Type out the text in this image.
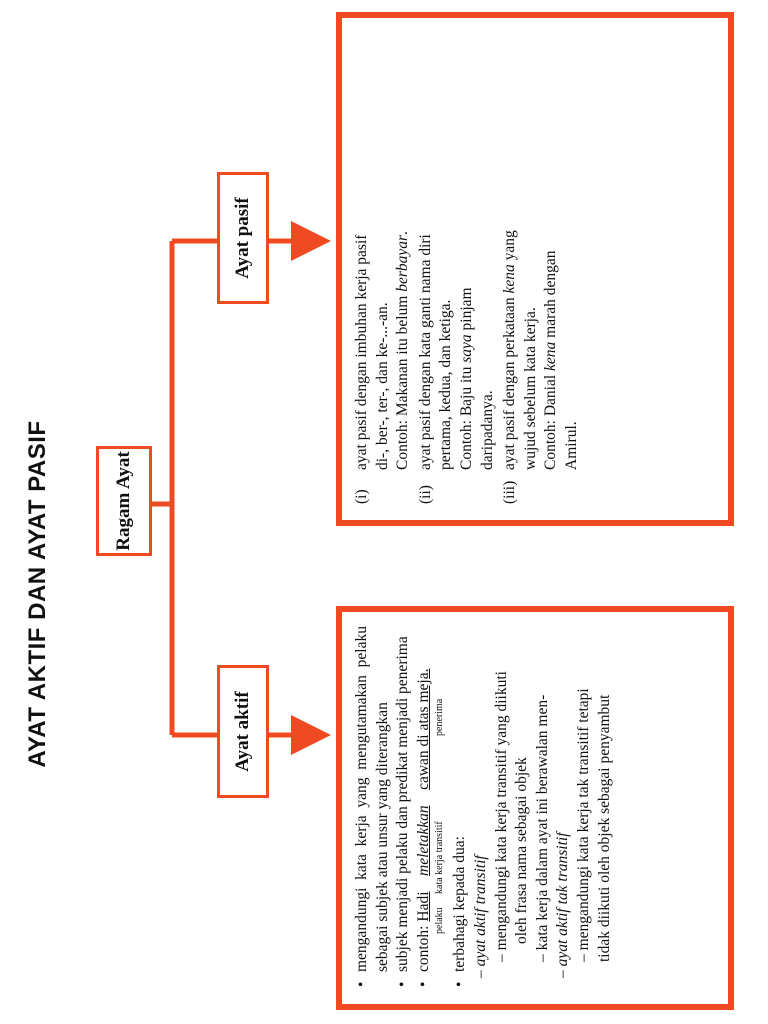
AYAT AKTIF DAN AYAT PASIF	Ragam Ayat
Ayat aktif
Ayat pasif
• mengandungi kata kerja yang mengutamakan pelaku sebagai subjek atau unsur yang diterangkan • subjek menjadi pelaku dan predikat menjadi penerima • contoh: Hadi    meletakkan    cawan di atas meja.
pelaku
kata kerja transitif
penerima
• terbahagi kepada dua: – ayat aktif transitif – mengandungi kata kerja transitif yang diikuti oleh frasa nama sebagai objek – kata kerja dalam ayat ini berawalan men- – ayat aktif tak transitif – mengandungi kata kerja tak transitif tetapi tidak diikuti oleh objek sebagai penyambut
(i)
ayat pasif dengan imbuhan kerja pasif di-, ber-, ter-, dan ke-...-an. Contoh: Makanan itu belum berbayar.
(ii)
ayat pasif dengan kata ganti nama diri pertama, kedua, dan ketiga. Contoh: Baju itu saya pinjam
daripadanya.
(iii)
ayat pasif dengan perkataan kena yang
wujud sebelum kata kerja. Contoh: Danial kena marah dengan
Amirul.
